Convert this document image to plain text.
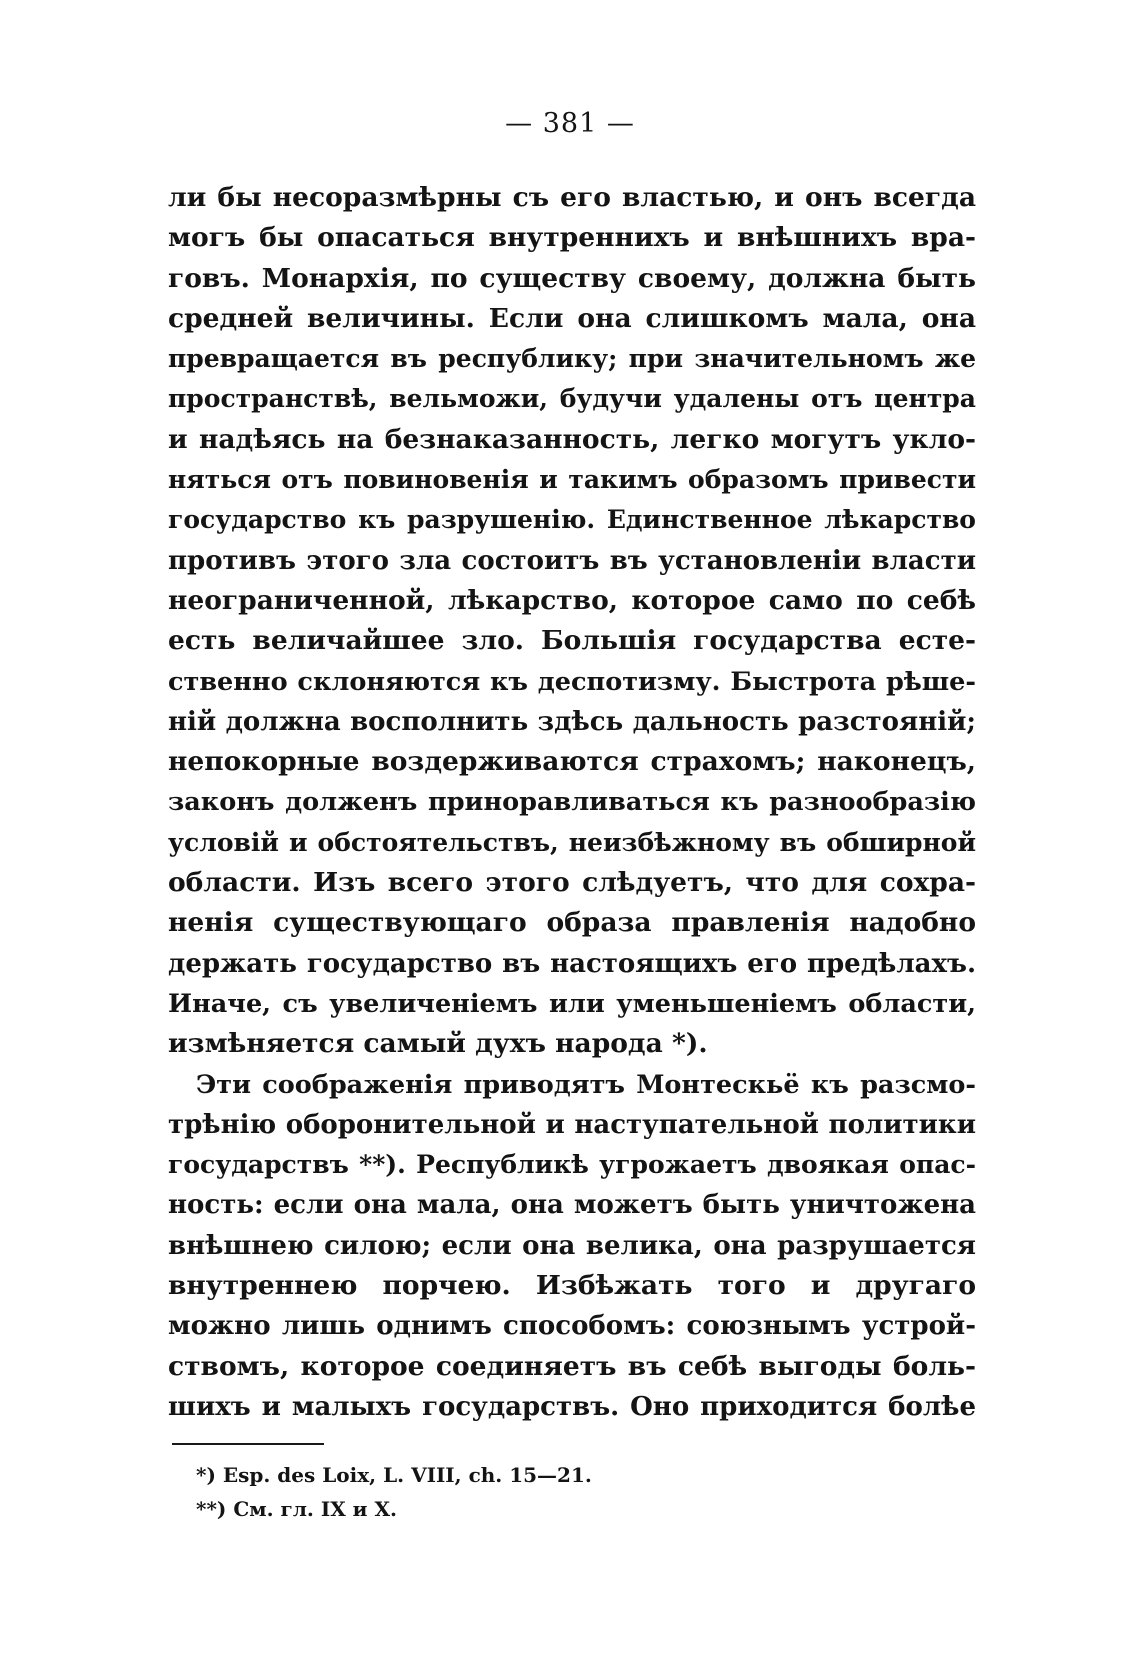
— 381 —
ли бы несоразмѣрны съ его властью, и онъ всегда
могъ бы опасаться внутреннихъ и внѣшнихъ вра-
говъ. Монархія, по существу своему, должна быть
средней величины. Если она слишкомъ мала, она
превращается въ республику; при значительномъ же
пространствѣ, вельможи, будучи удалены отъ центра
и надѣясь на безнаказанность, легко могутъ укло-
няться отъ повиновенія и такимъ образомъ привести
государство къ разрушенію. Единственное лѣкарство
противъ этого зла состоитъ въ установленіи власти
неограниченной, лѣкарство, которое само по себѣ
есть величайшее зло. Большія государства есте-
ственно склоняются къ деспотизму. Быстрота рѣше-
ній должна восполнить здѣсь дальность разстояній;
непокорные воздерживаются страхомъ; наконецъ,
законъ долженъ приноравливаться къ разнообразію
условій и обстоятельствъ, неизбѣжному въ обширной
области. Изъ всего этого слѣдуетъ, что для сохра-
ненія существующаго образа правленія надобно
держать государство въ настоящихъ его предѣлахъ.
Иначе, съ увеличеніемъ или уменьшеніемъ области,
измѣняется самый духъ народа *).
Эти соображенія приводятъ Монтескьё къ разсмо-
трѣнію оборонительной и наступательной политики
государствъ **). Республикѣ угрожаетъ двоякая опас-
ность: если она мала, она можетъ быть уничтожена
внѣшнею силою; если она велика, она разрушается
внутреннею порчею. Избѣжать того и другаго
можно лишь однимъ способомъ: союзнымъ устрой-
ствомъ, которое соединяетъ въ себѣ выгоды боль-
шихъ и малыхъ государствъ. Оно приходится болѣе
*) Esp. des Loix, L. VIII, ch. 15—21.
**) См. гл. IX и X.
